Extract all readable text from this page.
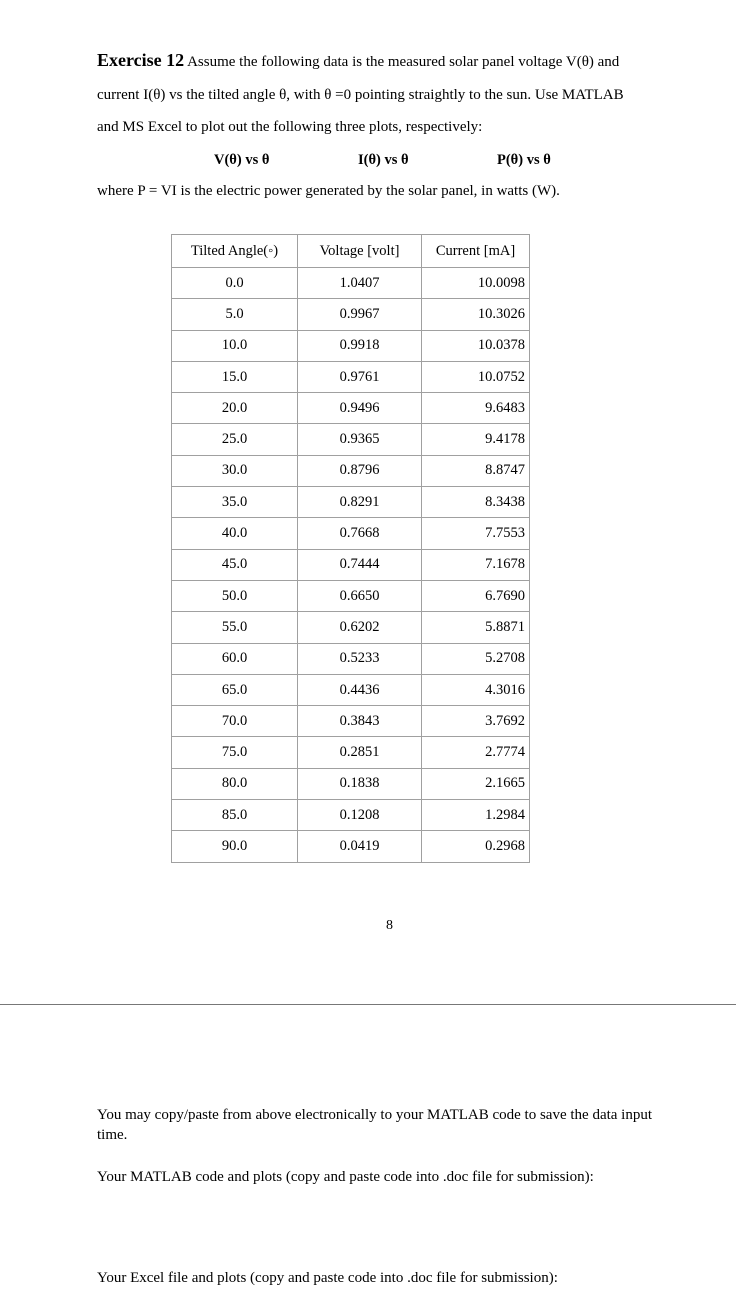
Exercise 12 Assume the following data is the measured solar panel voltage V(θ) and
current I(θ) vs the tilted angle θ, with θ =0 pointing straightly to the sun. Use MATLAB
and MS Excel to plot out the following three plots, respectively:
V(θ) vs θ	I(θ) vs θ	P(θ) vs θ
where P = VI is the electric power generated by the solar panel, in watts (W).
Tilted Angle(◦)	Voltage [volt]	Current [mA]
0.0	1.0407	10.0098
5.0	0.9967	10.3026
10.0	0.9918	10.0378
15.0	0.9761	10.0752
20.0	0.9496	9.6483
25.0	0.9365	9.4178
30.0	0.8796	8.8747
35.0	0.8291	8.3438
40.0	0.7668	7.7553
45.0	0.7444	7.1678
50.0	0.6650	6.7690
55.0	0.6202	5.8871
60.0	0.5233	5.2708
65.0	0.4436	4.3016
70.0	0.3843	3.7692
75.0	0.2851	2.7774
80.0	0.1838	2.1665
85.0	0.1208	1.2984
90.0	0.0419	0.2968
8
You may copy/paste from above electronically to your MATLAB code to save the data input time.
Your MATLAB code and plots (copy and paste code into .doc file for submission):
Your Excel file and plots (copy and paste code into .doc file for submission):
